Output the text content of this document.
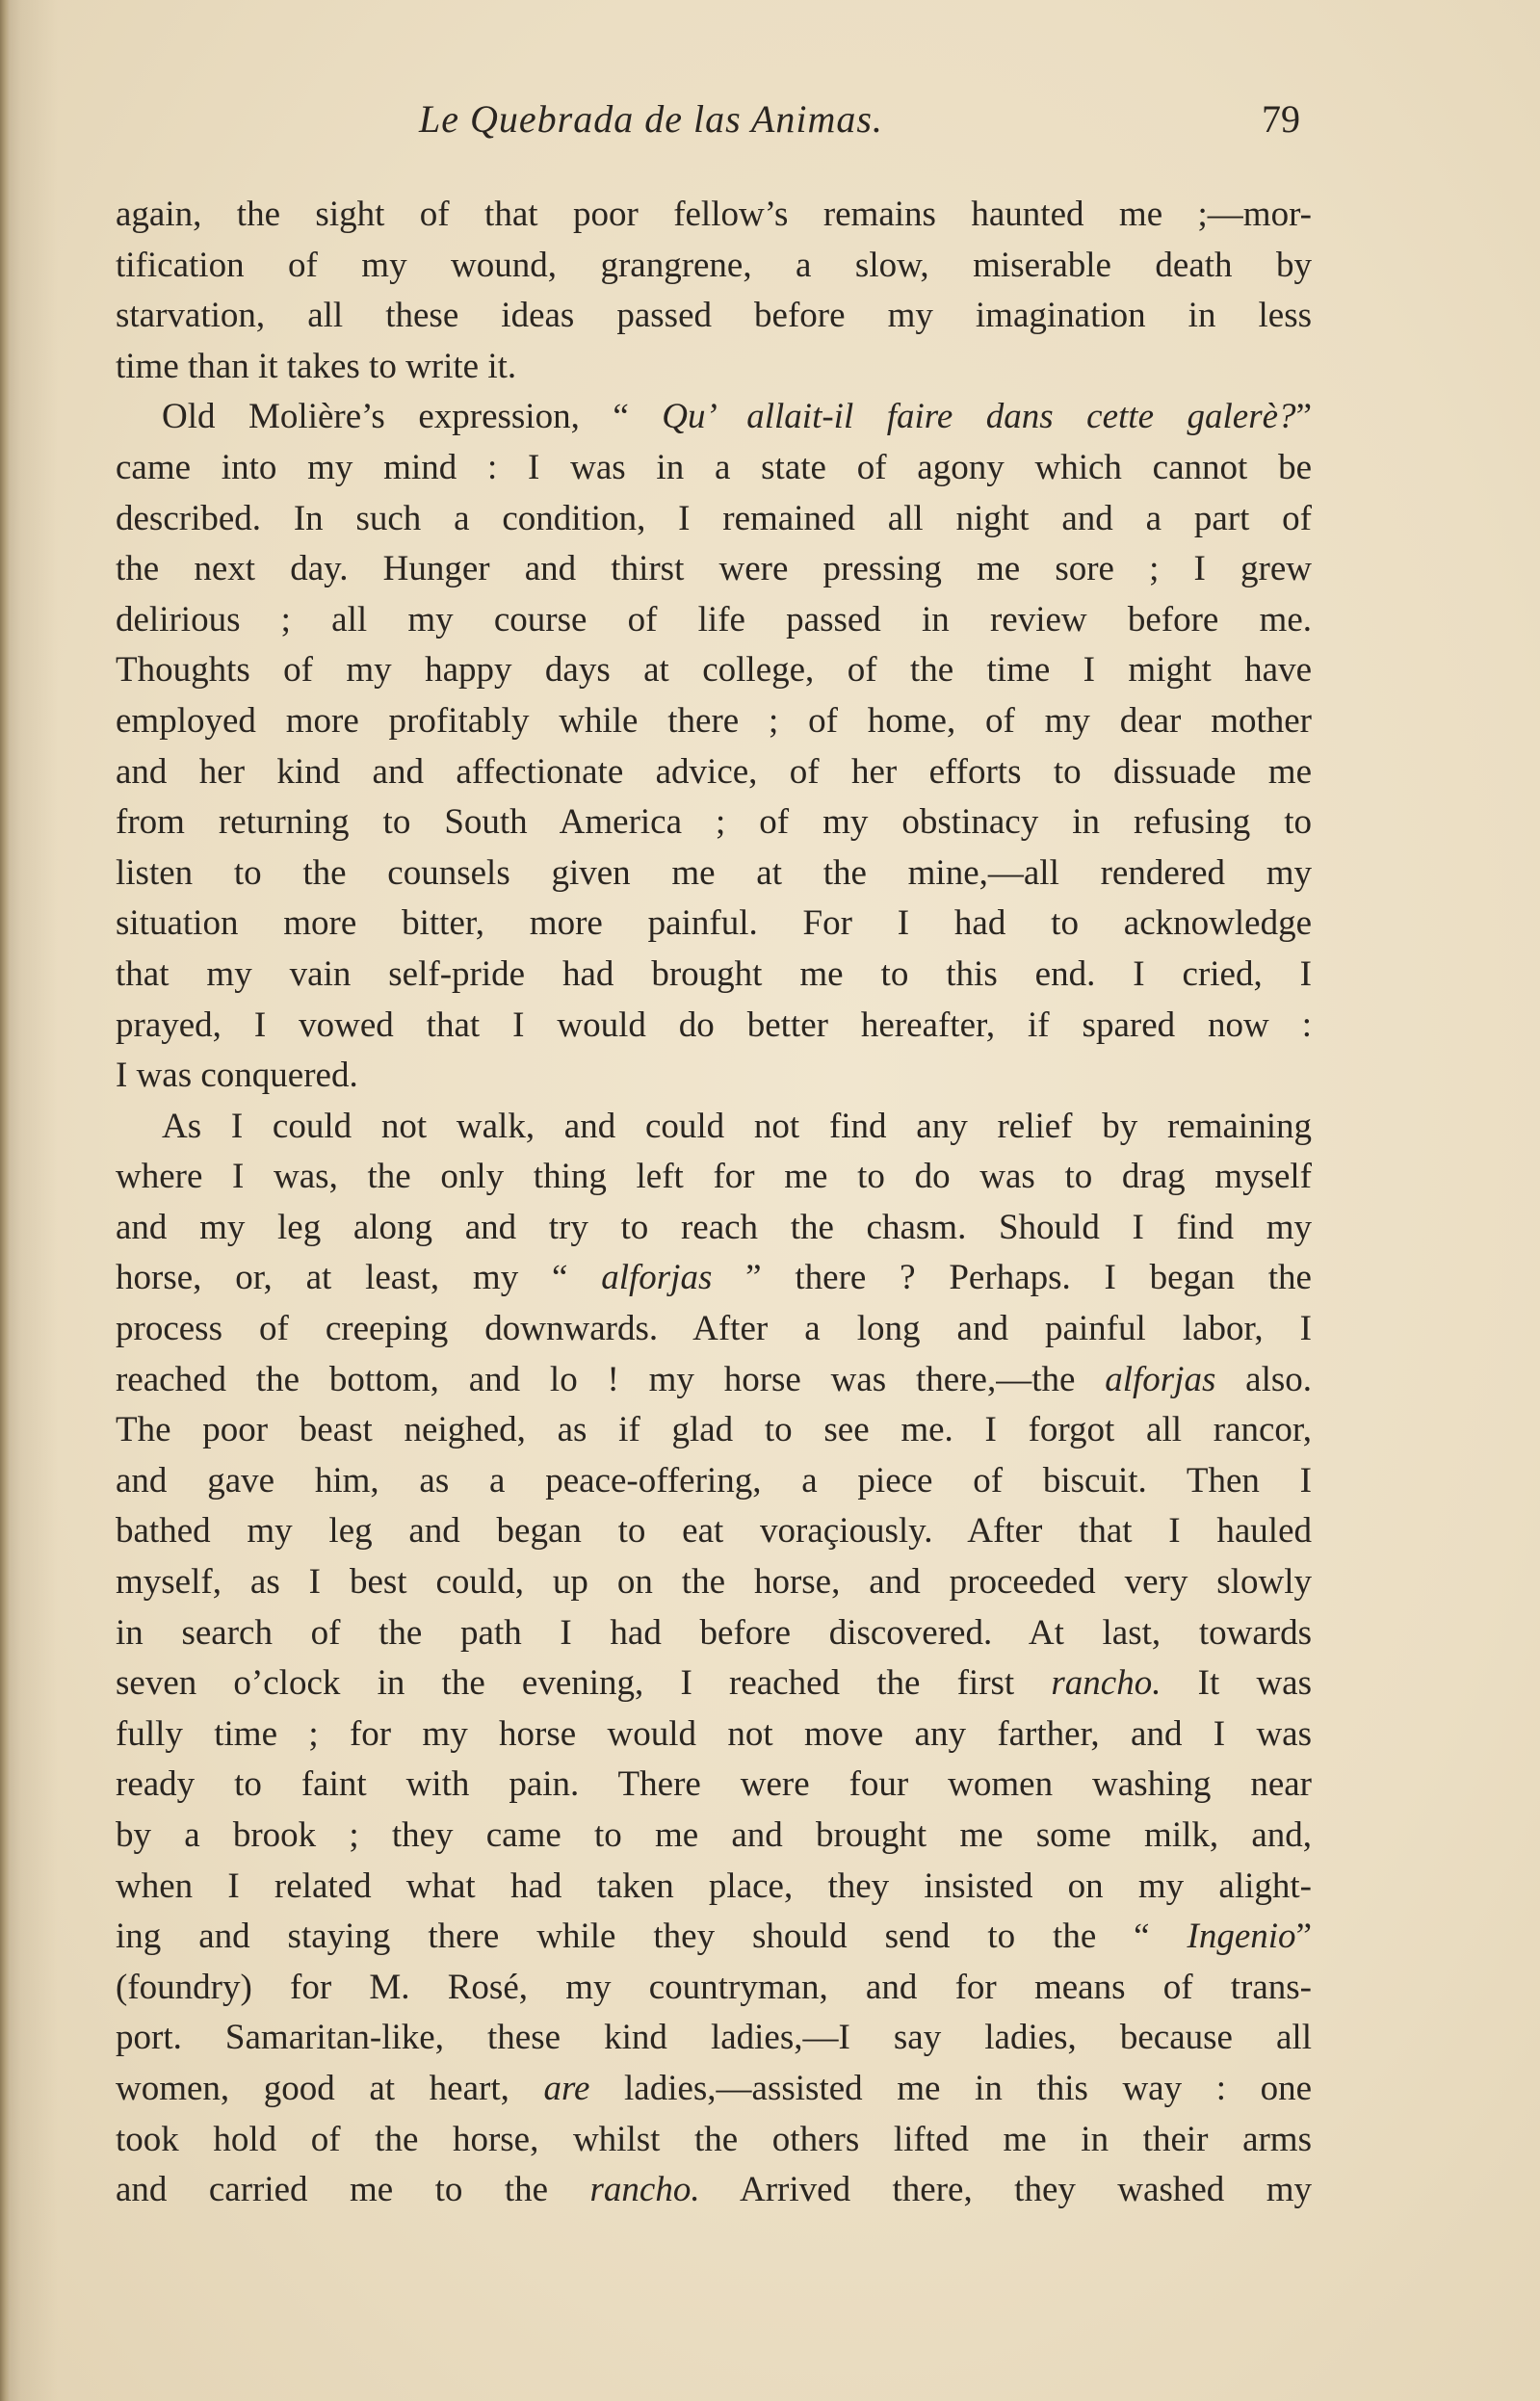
Le Quebrada de las Animas.	79
again, the sight of that poor fellow’s remains haunted me ;—mor-
tification of my wound, grangrene, a slow, miserable death by
starvation, all these ideas passed before my imagination in less
time than it takes to write it.
Old Molière’s expression, “ Qu’ allait-il faire dans cette galerè?”
came into my mind : I was in a state of agony which cannot be
described. In such a condition, I remained all night and a part of
the next day. Hunger and thirst were pressing me sore ; I grew
delirious ; all my course of life passed in review before me.
Thoughts of my happy days at college, of the time I might have
employed more profitably while there ; of home, of my dear mother
and her kind and affectionate advice, of her efforts to dissuade me
from returning to South America ; of my obstinacy in refusing to
listen to the counsels given me at the mine,—all rendered my
situation more bitter, more painful. For I had to acknowledge
that my vain self-pride had brought me to this end. I cried, I
prayed, I vowed that I would do better hereafter, if spared now :
I was conquered.
As I could not walk, and could not find any relief by remaining
where I was, the only thing left for me to do was to drag myself
and my leg along and try to reach the chasm. Should I find my
horse, or, at least, my “ alforjas ” there ? Perhaps. I began the
process of creeping downwards. After a long and painful labor, I
reached the bottom, and lo ! my horse was there,—the alforjas also.
The poor beast neighed, as if glad to see me. I forgot all rancor,
and gave him, as a peace-offering, a piece of biscuit. Then I
bathed my leg and began to eat voraçiously. After that I hauled
myself, as I best could, up on the horse, and proceeded very slowly
in search of the path I had before discovered. At last, towards
seven o’clock in the evening, I reached the first rancho. It was
fully time ; for my horse would not move any farther, and I was
ready to faint with pain. There were four women washing near
by a brook ; they came to me and brought me some milk, and,
when I related what had taken place, they insisted on my alight-
ing and staying there while they should send to the “ Ingenio”
(foundry) for M. Rosé, my countryman, and for means of trans-
port. Samaritan-like, these kind ladies,—I say ladies, because all
women, good at heart, are ladies,—assisted me in this way : one
took hold of the horse, whilst the others lifted me in their arms
and carried me to the rancho. Arrived there, they washed my
